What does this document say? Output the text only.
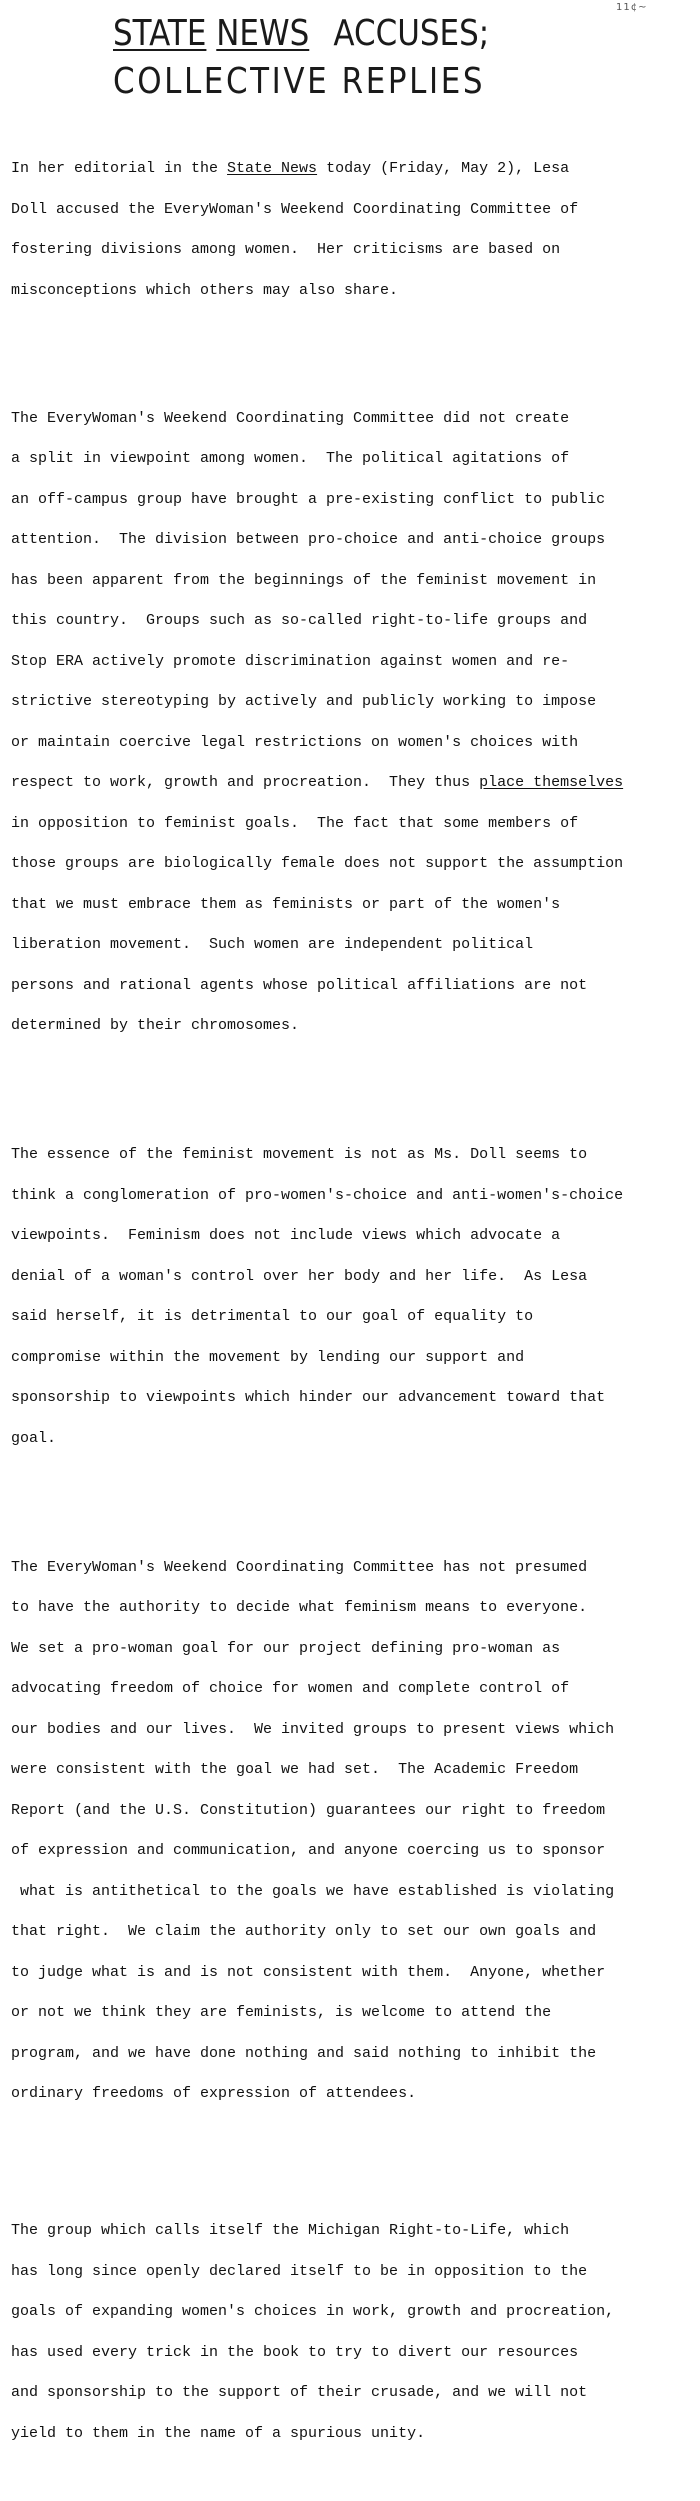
11¢~
STATE NEWS ACCUSES;
COLLECTIVE REPLIES

In her editorial in the State News today (Friday, May 2), Lesa

Doll accused the EveryWoman's Weekend Coordinating Committee of

fostering divisions among women.  Her criticisms are based on

misconceptions which others may also share.

The EveryWoman's Weekend Coordinating Committee did not create

a split in viewpoint among women.  The political agitations of

an off-campus group have brought a pre-existing conflict to public

attention.  The division between pro-choice and anti-choice groups

has been apparent from the beginnings of the feminist movement in

this country.  Groups such as so-called right-to-life groups and

Stop ERA actively promote discrimination against women and re-

strictive stereotyping by actively and publicly working to impose

or maintain coercive legal restrictions on women's choices with

respect to work, growth and procreation.  They thus place themselves

in opposition to feminist goals.  The fact that some members of

those groups are biologically female does not support the assumption

that we must embrace them as feminists or part of the women's

liberation movement.  Such women are independent political

persons and rational agents whose political affiliations are not

determined by their chromosomes.

The essence of the feminist movement is not as Ms. Doll seems to

think a conglomeration of pro-women's-choice and anti-women's-choice

viewpoints.  Feminism does not include views which advocate a

denial of a woman's control over her body and her life.  As Lesa

said herself, it is detrimental to our goal of equality to

compromise within the movement by lending our support and

sponsorship to viewpoints which hinder our advancement toward that

goal.

The EveryWoman's Weekend Coordinating Committee has not presumed

to have the authority to decide what feminism means to everyone.

We set a pro-woman goal for our project defining pro-woman as

advocating freedom of choice for women and complete control of

our bodies and our lives.  We invited groups to present views which

were consistent with the goal we had set.  The Academic Freedom

Report (and the U.S. Constitution) guarantees our right to freedom

of expression and communication, and anyone coercing us to sponsor

what is antithetical to the goals we have established is violating

that right.  We claim the authority only to set our own goals and

to judge what is and is not consistent with them.  Anyone, whether

or not we think they are feminists, is welcome to attend the

program, and we have done nothing and said nothing to inhibit the

ordinary freedoms of expression of attendees.

The group which calls itself the Michigan Right-to-Life, which

has long since openly declared itself to be in opposition to the

goals of expanding women's choices in work, growth and procreation,

has used every trick in the book to try to divert our resources

and sponsorship to the support of their crusade, and we will not

yield to them in the name of a spurious unity.
